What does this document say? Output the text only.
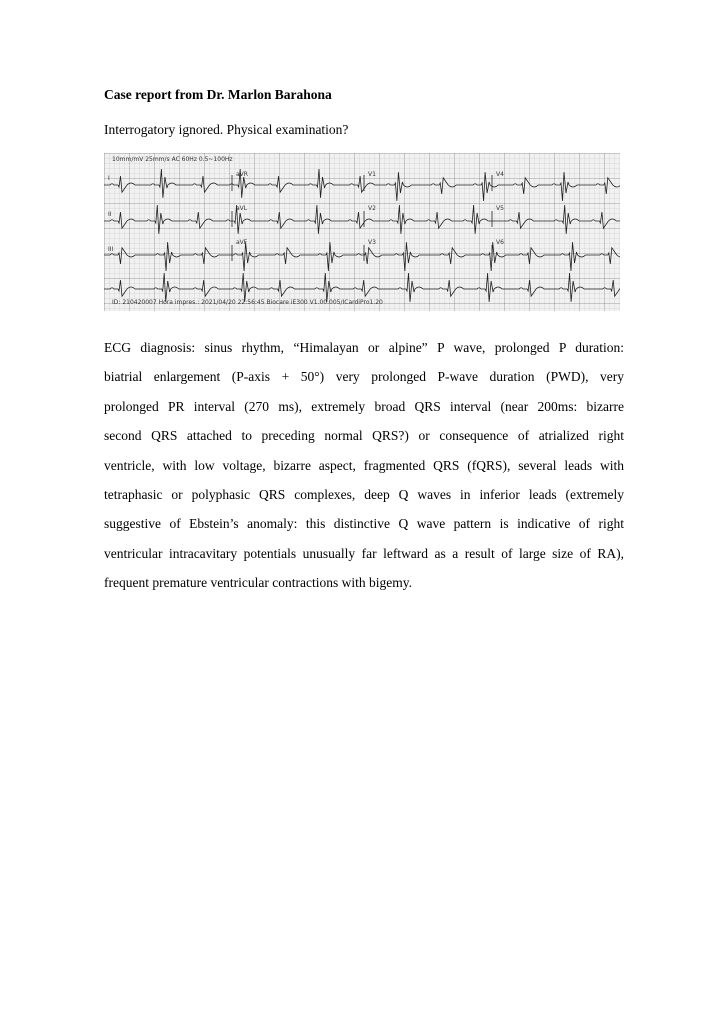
Case report from Dr. Marlon Barahona
Interrogatory ignored. Physical examination?
10mm/mV 25mm/s AC 60Hz 0.5~100Hz
I
II
III
aVR
aVL
aVF
V1
V2
V3
V4
V5
V6
ID: 210420007 Hora impres.: 2021/04/20 22:56:45 Biocare iE300 V1.00.005/ICardiPro1.20
ECG diagnosis: sinus rhythm, “Himalayan or alpine” P wave, prolonged P duration:
biatrial enlargement (P-axis + 50°) very prolonged P-wave duration (PWD), very
prolonged PR interval (270 ms), extremely broad QRS interval (near 200ms: bizarre
second QRS attached to preceding normal QRS?) or consequence of atrialized right
ventricle, with low voltage, bizarre aspect, fragmented QRS (fQRS), several leads with
tetraphasic or polyphasic QRS complexes, deep Q waves in inferior leads (extremely
suggestive of Ebstein’s anomaly: this distinctive Q wave pattern is indicative of right
ventricular intracavitary potentials unusually far leftward as a result of large size of RA),
frequent premature ventricular contractions with bigemy.
